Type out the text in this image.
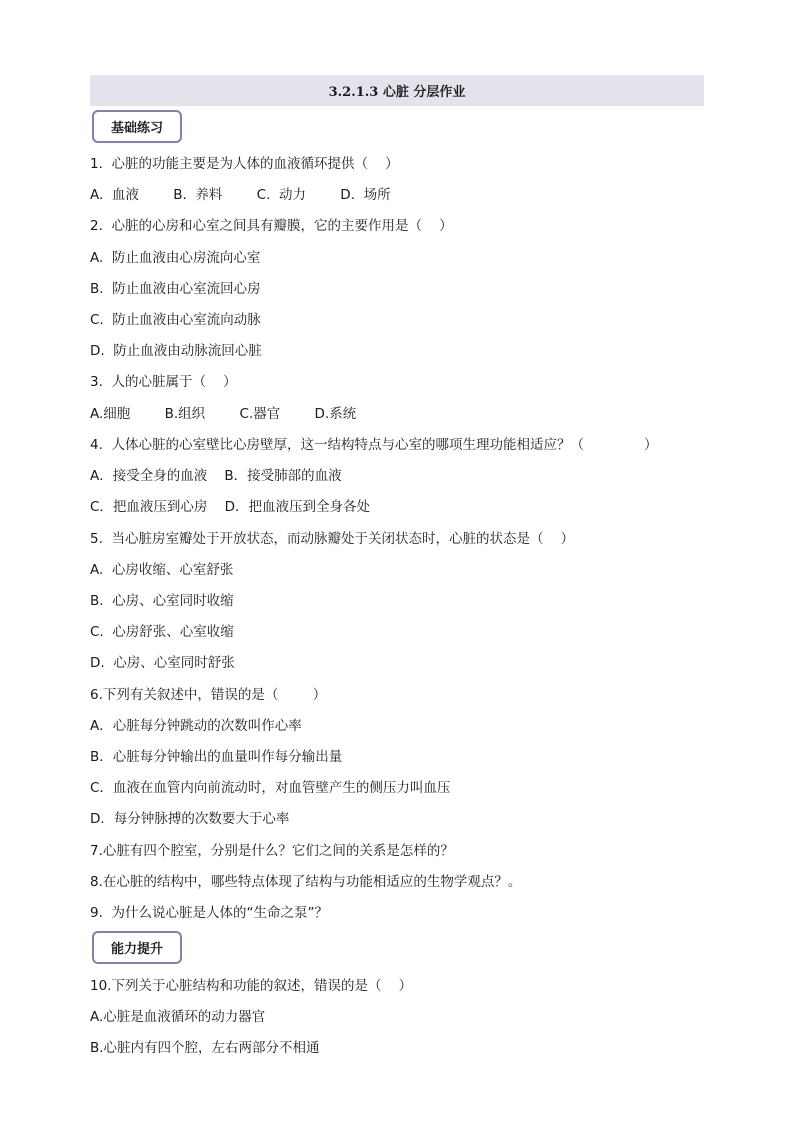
3.2.1.3 心脏 分层作业
基础练习
1.  心脏的功能主要是为人体的血液循环提供（    ）
A.  血液        B.  养料        C.  动力        D.  场所
2.  心脏的心房和心室之间具有瓣膜，它的主要作用是（    ）
A.  防止血液由心房流向心室
B.  防止血液由心室流回心房
C.  防止血液由心室流向动脉
D.  防止血液由动脉流回心脏
3.  人的心脏属于（    ）
A.细胞        B.组织        C.器官        D.系统
4.  人体心脏的心室壁比心房壁厚，这一结构特点与心室的哪项生理功能相适应？（              ）
A．接受全身的血液    B．接受肺部的血液
C．把血液压到心房    D．把血液压到全身各处
5.  当心脏房室瓣处于开放状态，而动脉瓣处于关闭状态时，心脏的状态是（    ）
A.  心房收缩、心室舒张
B.  心房、心室同时收缩
C.  心房舒张、心室收缩
D.  心房、心室同时舒张
6.下列有关叙述中，错误的是（        ）
A．心脏每分钟跳动的次数叫作心率
B．心脏每分钟输出的血量叫作每分输出量
C．血液在血管内向前流动时，对血管壁产生的侧压力叫血压
D．每分钟脉搏的次数要大于心率
7.心脏有四个腔室，分别是什么？它们之间的关系是怎样的？
8.在心脏的结构中，哪些特点体现了结构与功能相适应的生物学观点？。
9.  为什么说心脏是人体的“生命之泵”？
能力提升
10.下列关于心脏结构和功能的叙述，错误的是（    ）
A.心脏是血液循环的动力器官
B.心脏内有四个腔，左右两部分不相通
